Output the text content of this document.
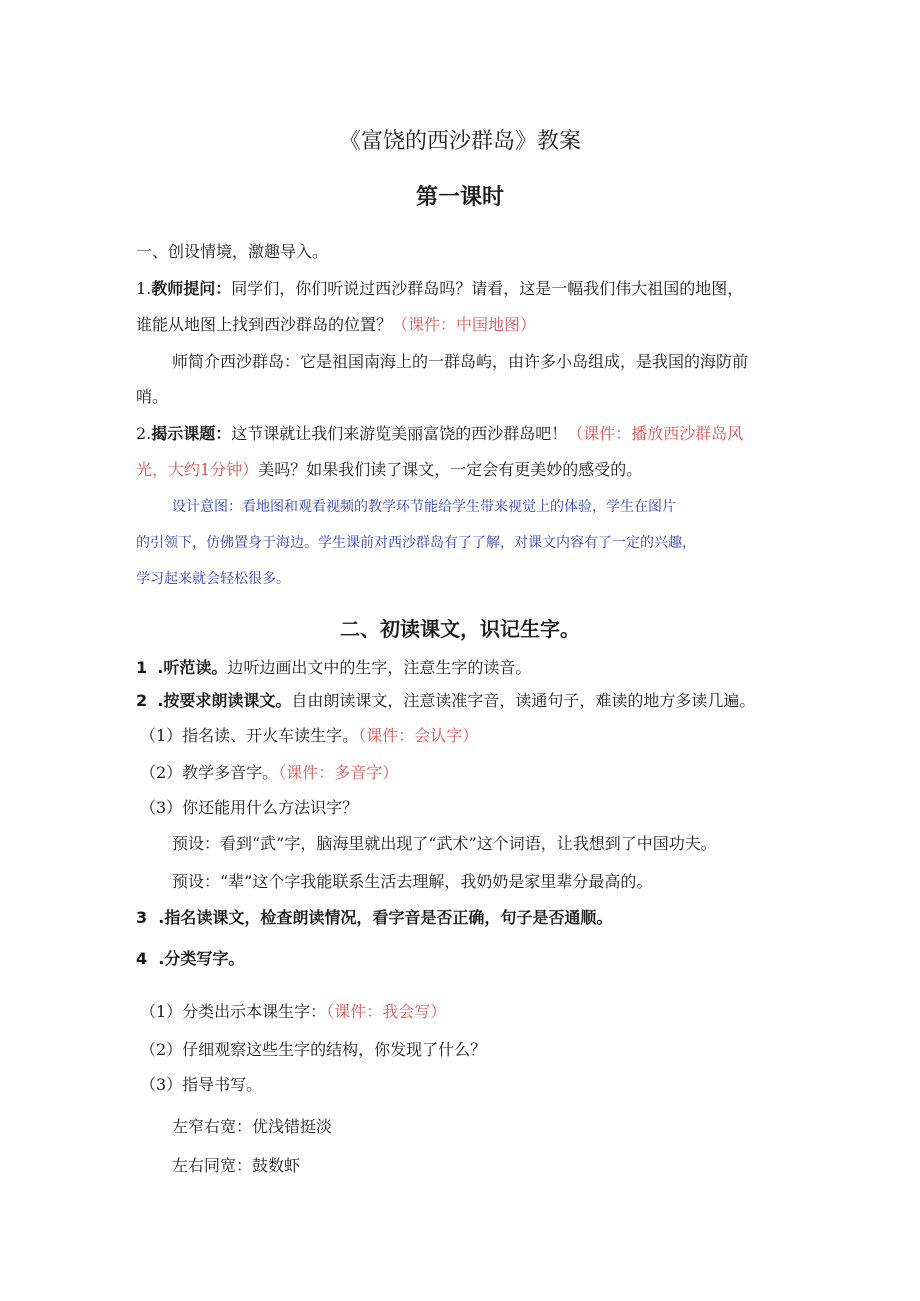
《富饶的西沙群岛》教案
第一课时
一、创设情境，激趣导入。
1.教师提问：同学们，你们听说过西沙群岛吗？请看，这是一幅我们伟大祖国的地图，
谁能从地图上找到西沙群岛的位置？（课件：中国地图）
师简介西沙群岛：它是祖国南海上的一群岛屿，由许多小岛组成，是我国的海防前
哨。
2.揭示课题：这节课就让我们来游览美丽富饶的西沙群岛吧！（课件：播放西沙群岛风
光，大约1分钟）美吗？如果我们读了课文，一定会有更美妙的感受的。
设计意图：看地图和观看视频的教学环节能给学生带来视觉上的体验，学生在图片
的引领下，仿佛置身于海边。学生课前对西沙群岛有了了解，对课文内容有了一定的兴趣，
学习起来就会轻松很多。
二、初读课文，识记生字。
1 .听范读。边听边画出文中的生字，注意生字的读音。
2 .按要求朗读课文。自由朗读课文，注意读准字音，读通句子，难读的地方多读几遍。
（1）指名读、开火车读生字。（课件：会认字）
（2）教学多音字。（课件：多音字）
（3）你还能用什么方法识字？
预设：看到“武”字，脑海里就出现了“武术”这个词语，让我想到了中国功夫。
预设：“辈”这个字我能联系生活去理解，我奶奶是家里辈分最高的。
3 .指名读课文，检查朗读情况，看字音是否正确，句子是否通顺。
4 .分类写字。
（1）分类出示本课生字：（课件：我会写）
（2）仔细观察这些生字的结构，你发现了什么？
（3）指导书写。
左窄右宽：优浅错挺淡
左右同宽：鼓数虾
